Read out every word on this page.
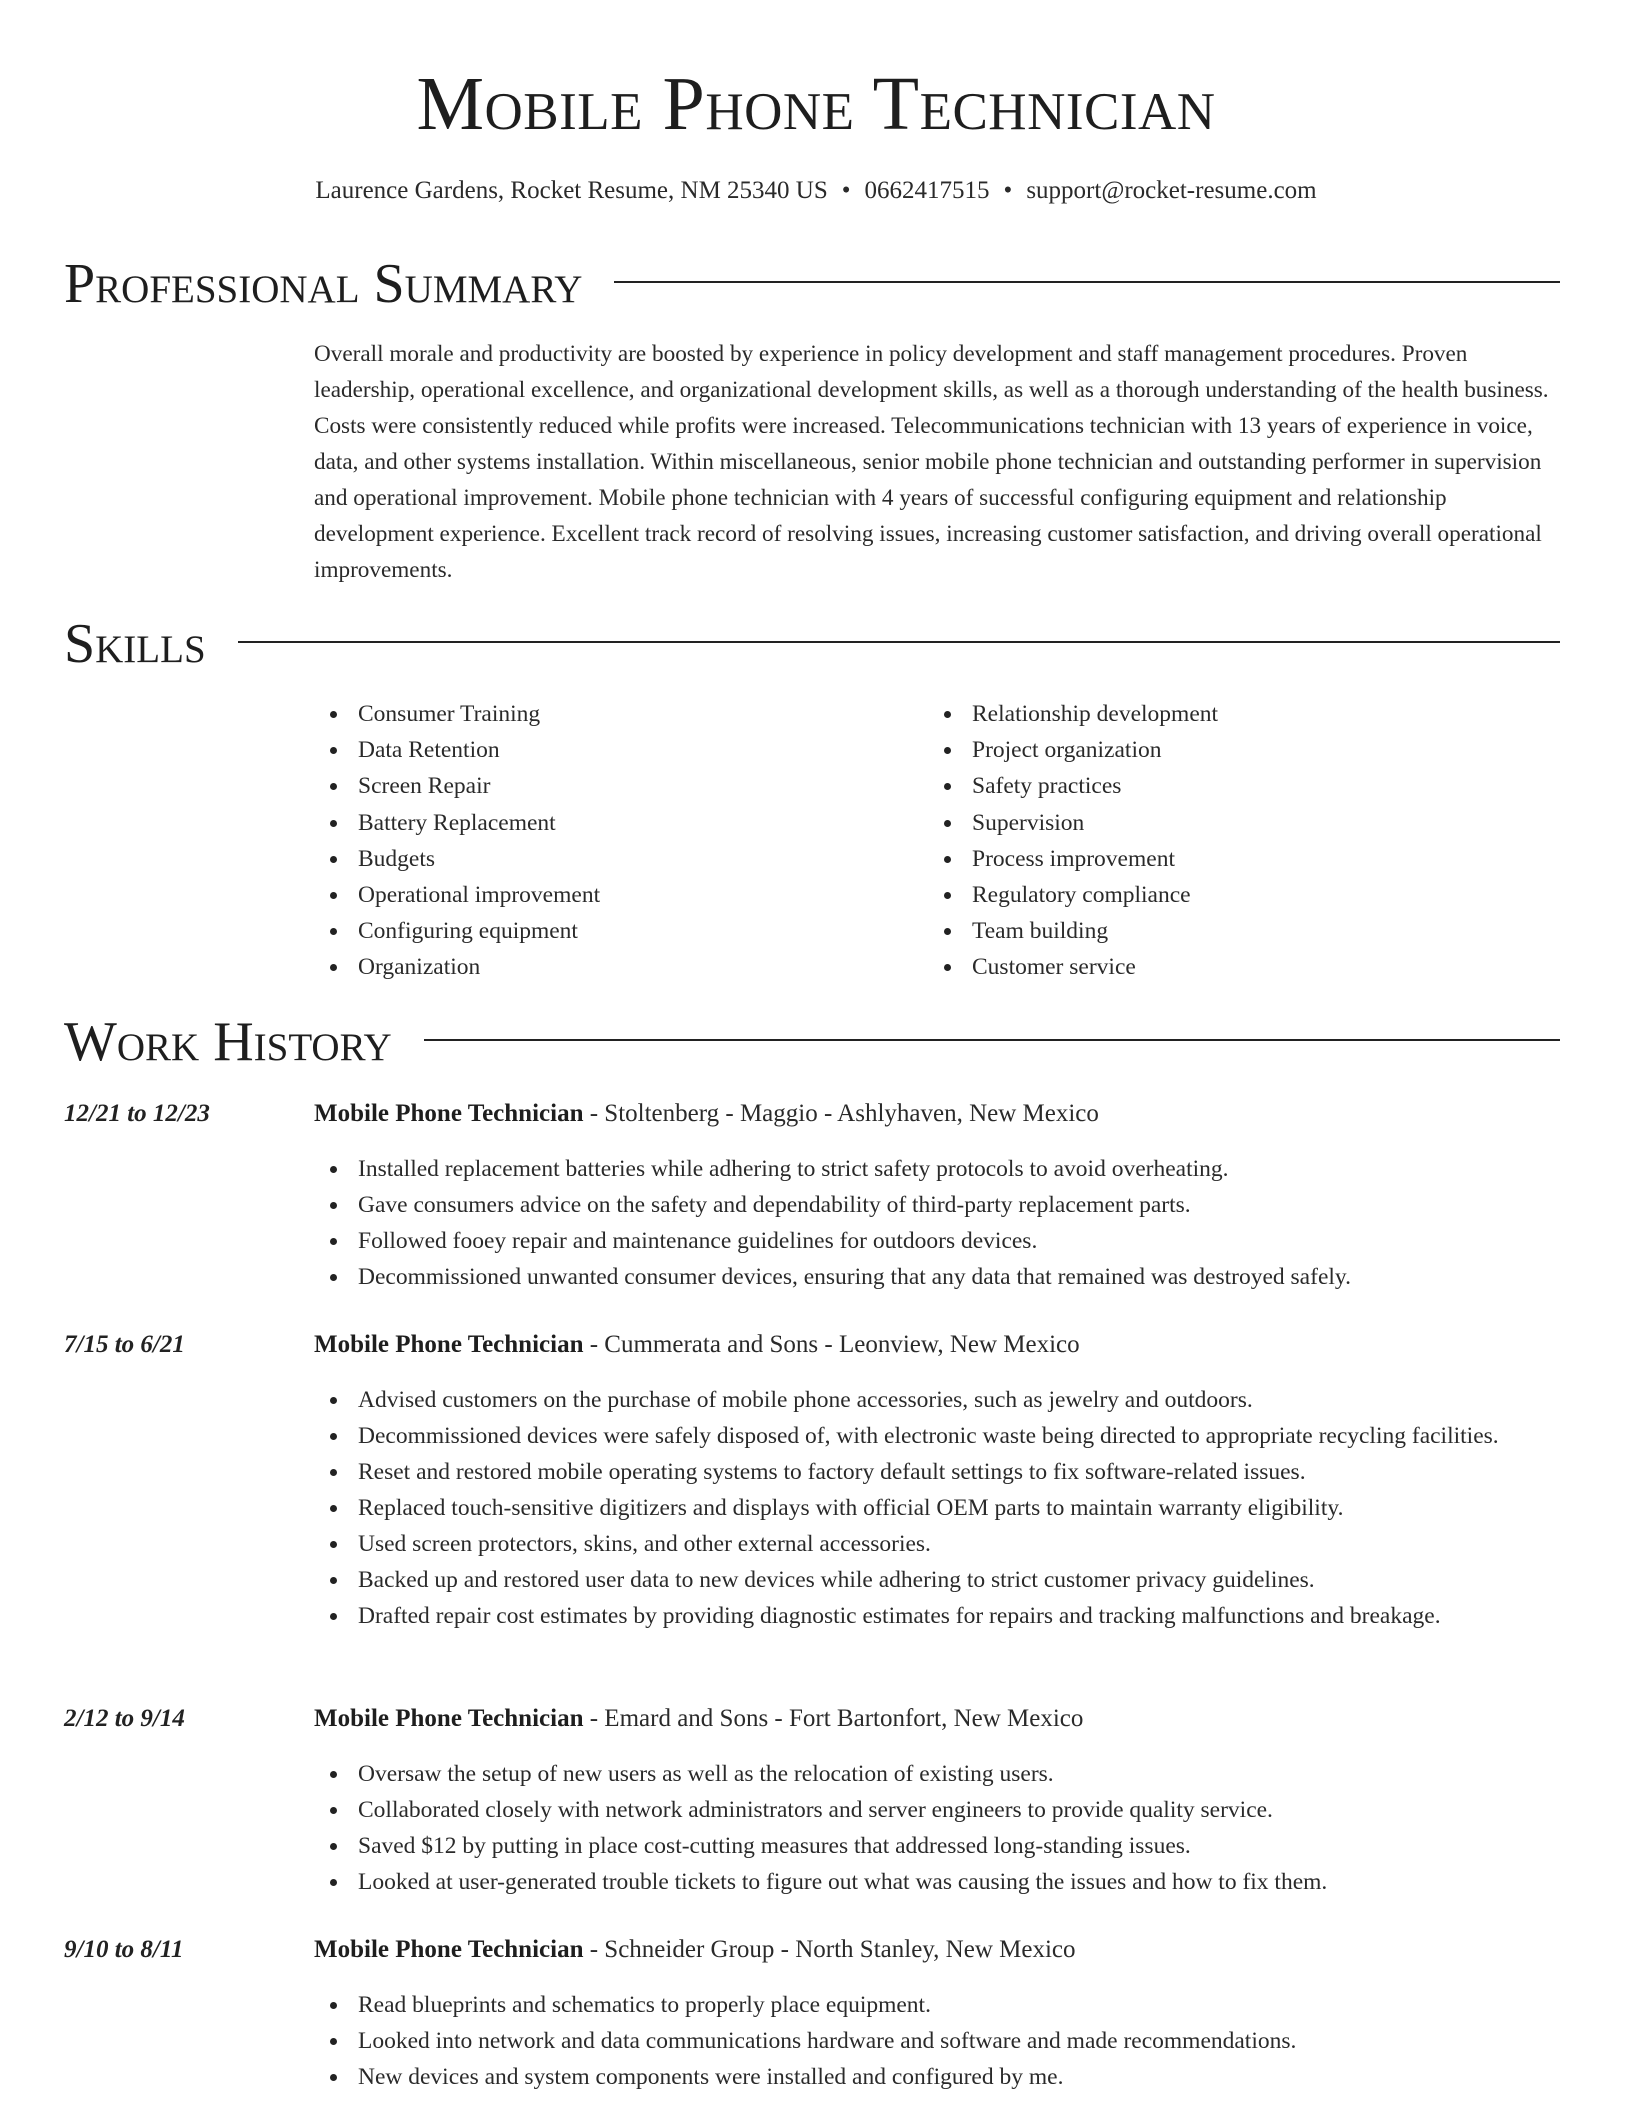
Mobile Phone Technician
Laurence Gardens, Rocket Resume, NM 25340 US • 0662417515 • support@rocket-resume.com
Professional Summary
Overall morale and productivity are boosted by experience in policy development and staff management procedures. Proven leadership, operational excellence, and organizational development skills, as well as a thorough understanding of the health business. Costs were consistently reduced while profits were increased. Telecommunications technician with 13 years of experience in voice, data, and other systems installation. Within miscellaneous, senior mobile phone technician and outstanding performer in supervision and operational improvement. Mobile phone technician with 4 years of successful configuring equipment and relationship development experience. Excellent track record of resolving issues, increasing customer satisfaction, and driving overall operational improvements.
Skills
Consumer Training
Data Retention
Screen Repair
Battery Replacement
Budgets
Operational improvement
Configuring equipment
Organization
Relationship development
Project organization
Safety practices
Supervision
Process improvement
Regulatory compliance
Team building
Customer service
Work History
12/21 to 12/23	Mobile Phone Technician - Stoltenberg - Maggio - Ashlyhaven, New Mexico
Installed replacement batteries while adhering to strict safety protocols to avoid overheating.
Gave consumers advice on the safety and dependability of third-party replacement parts.
Followed fooey repair and maintenance guidelines for outdoors devices.
Decommissioned unwanted consumer devices, ensuring that any data that remained was destroyed safely.
7/15 to 6/21	Mobile Phone Technician - Cummerata and Sons - Leonview, New Mexico
Advised customers on the purchase of mobile phone accessories, such as jewelry and outdoors.
Decommissioned devices were safely disposed of, with electronic waste being directed to appropriate recycling facilities.
Reset and restored mobile operating systems to factory default settings to fix software-related issues.
Replaced touch-sensitive digitizers and displays with official OEM parts to maintain warranty eligibility.
Used screen protectors, skins, and other external accessories.
Backed up and restored user data to new devices while adhering to strict customer privacy guidelines.
Drafted repair cost estimates by providing diagnostic estimates for repairs and tracking malfunctions and breakage.
2/12 to 9/14	Mobile Phone Technician - Emard and Sons - Fort Bartonfort, New Mexico
Oversaw the setup of new users as well as the relocation of existing users.
Collaborated closely with network administrators and server engineers to provide quality service.
Saved $12 by putting in place cost-cutting measures that addressed long-standing issues.
Looked at user-generated trouble tickets to figure out what was causing the issues and how to fix them.
9/10 to 8/11	Mobile Phone Technician - Schneider Group - North Stanley, New Mexico
Read blueprints and schematics to properly place equipment.
Looked into network and data communications hardware and software and made recommendations.
New devices and system components were installed and configured by me.
